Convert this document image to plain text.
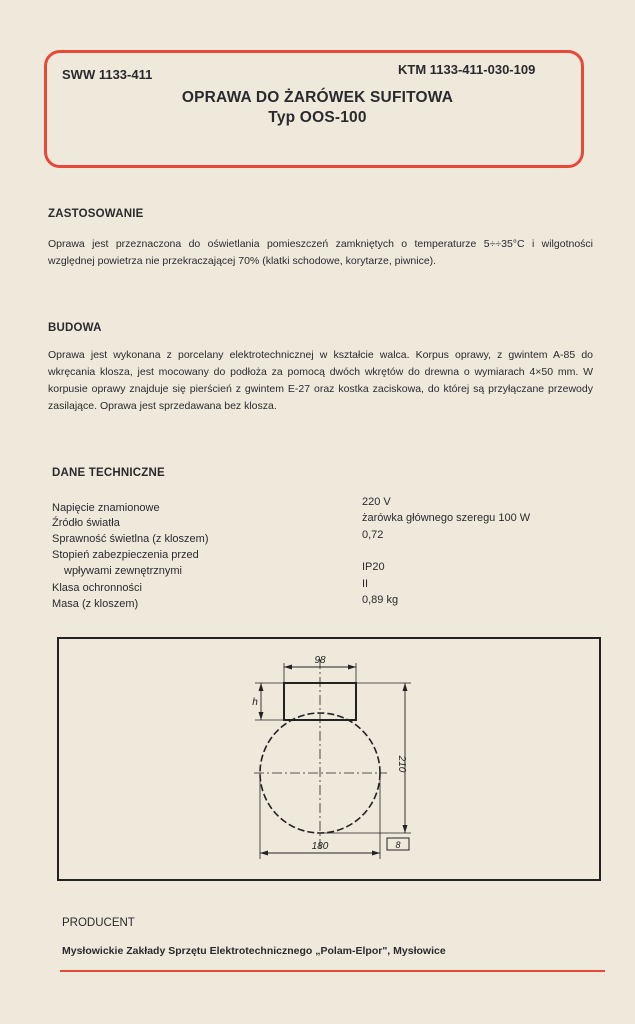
SWW 1133-411	KTM 1133-411-030-109
OPRAWA DO ŻARÓWEK SUFITOWA
Typ OOS-100
ZASTOSOWANIE
Oprawa jest przeznaczona do oświetlania pomieszczeń zamkniętych o temperaturze 5÷÷35°C i wilgotności względnej powietrza nie przekraczającej 70% (klatki schodowe, korytarze, piwnice).
BUDOWA
Oprawa jest wykonana z porcelany elektrotechnicznej w kształcie walca. Korpus oprawy, z gwintem A-85 do wkręcania klosza, jest mocowany do podłoża za pomocą dwóch wkrętów do drewna o wymiarach 4×50 mm. W korpusie oprawy znajduje się pierścień z gwintem E-27 oraz kostka zaciskowa, do której są przyłączane przewody zasilające. Oprawa jest sprzedawana bez klosza.
DANE TECHNICZNE
Napięcie znamionowe
Źródło światła
Sprawność świetlna (z kloszem)
Stopień zabezpieczenia przed
wpływami zewnętrznymi
Klasa ochronności
Masa (z kloszem)
220 V
żarówka głównego szeregu 100 W
0,72
IP20
II
0,89 kg
98
h
210
180	8
PRODUCENT
Mysłowickie Zakłady Sprzętu Elektrotechnicznego „Polam-Elpor", Mysłowice
